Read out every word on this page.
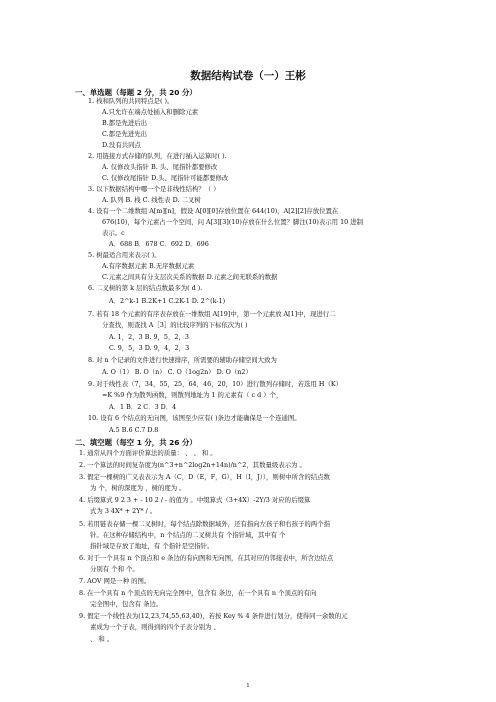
数据结构试卷（一）王彬
一、单选题（每题 2 分，共 20 分）
1. 栈和队列的共同特点是( )。
A.只允许在端点处插入和删除元素
B.都是先进后出
C.都是先进先出
D.没有共同点
2. 用链接方式存储的队列，在进行插入运算时( ).
A. 仅修改头指针 B. 头、尾指针都要修改
C. 仅修改尾指针 D.头、尾指针可能都要修改
3. 以下数据结构中哪一个是非线性结构？（ ）
A. 队列 B. 栈 C. 线性表 D. 二叉树
4. 设有一个二维数组 A[m][n]，假设 A[0][0]存放位置在 644(10)，A[2][2]存放位置在
676(10)，每个元素占一个空间，问 A[3][3](10)存放在什么位置？脚注(10)表示用 10 进制
表示。c
A．688 B．678 C．692 D．696
5. 树最适合用来表示( )。
A.有序数据元素 B.无序数据元素
C.元素之间具有分支层次关系的数据 D.元素之间无联系的数据
6. 二叉树的第 k 层的结点数最多为( d ).
A．2^k-1 B.2K+1 C.2K-1 D. 2^(k-1)
7. 若有 18 个元素的有序表存放在一维数组 A[19]中，第一个元素放 A[1]中，现进行二
分查找，则查找 A［3］的比较序列的下标依次为( )
A. 1，2，3 B. 9，5，2，3
C. 9，5，3 D. 9，4，2，3
8. 对 n 个记录的文件进行快速排序，所需要的辅助存储空间大致为
A. O（1） B. O（n） C. O（1og2n） D. O（n2）
9. 对于线性表（7，34，55，25，64，46，20，10）进行散列存储时，若选用 H（K）
=K %9 作为散列函数，则散列地址为 1 的元素有（ c d ）个，
A．1 B．2 C．3 D．4
10. 设有 6 个结点的无向图，该图至少应有( )条边才能确保是一个连通图。
A.5 B.6 C.7 D.8
二、填空题（每空 1 分，共 26 分）
1. 通常从四个方面评价算法的质量： 、 、 和 。
2. 一个算法的时间复杂度为(n^3+n^2log2n+14n)/n^2，其数量级表示为 。
3. 假定一棵树的广义表表示为 A（C，D（E，F，G），H（I，J）），则树中所含的结点数
为 个，树的深度为 ，树的度为 。
4. 后缀算式 9 2 3 + - 10 2 / - 的值为 。中缀算式（3+4X）-2Y/3 对应的后缀算
式为 3 4X* + 2Y* / 。
5. 若用链表存储一棵二叉树时，每个结点除数据域外，还有指向左孩子和右孩子的两个指
针。在这种存储结构中，n 个结点的二叉树共有 个指针域，其中有 个
指针域是存放了地址，有 个指针是空指针。
6. 对于一个具有 n 个顶点和 e 条边的有向图和无向图，在其对应的邻接表中，所含边结点
分别有 个和 个。
7. AOV 网是一种 的图。
8. 在一个具有 n 个顶点的无向完全图中，包含有 条边，在一个具有 n 个顶点的有向
完全图中，包含有 条边。
9. 假定一个线性表为(12,23,74,55,63,40)，若按 Key % 4 条件进行划分，使得同一余数的元
素成为一个子表，则得到的四个子表分别为 、
、 和 。
1
